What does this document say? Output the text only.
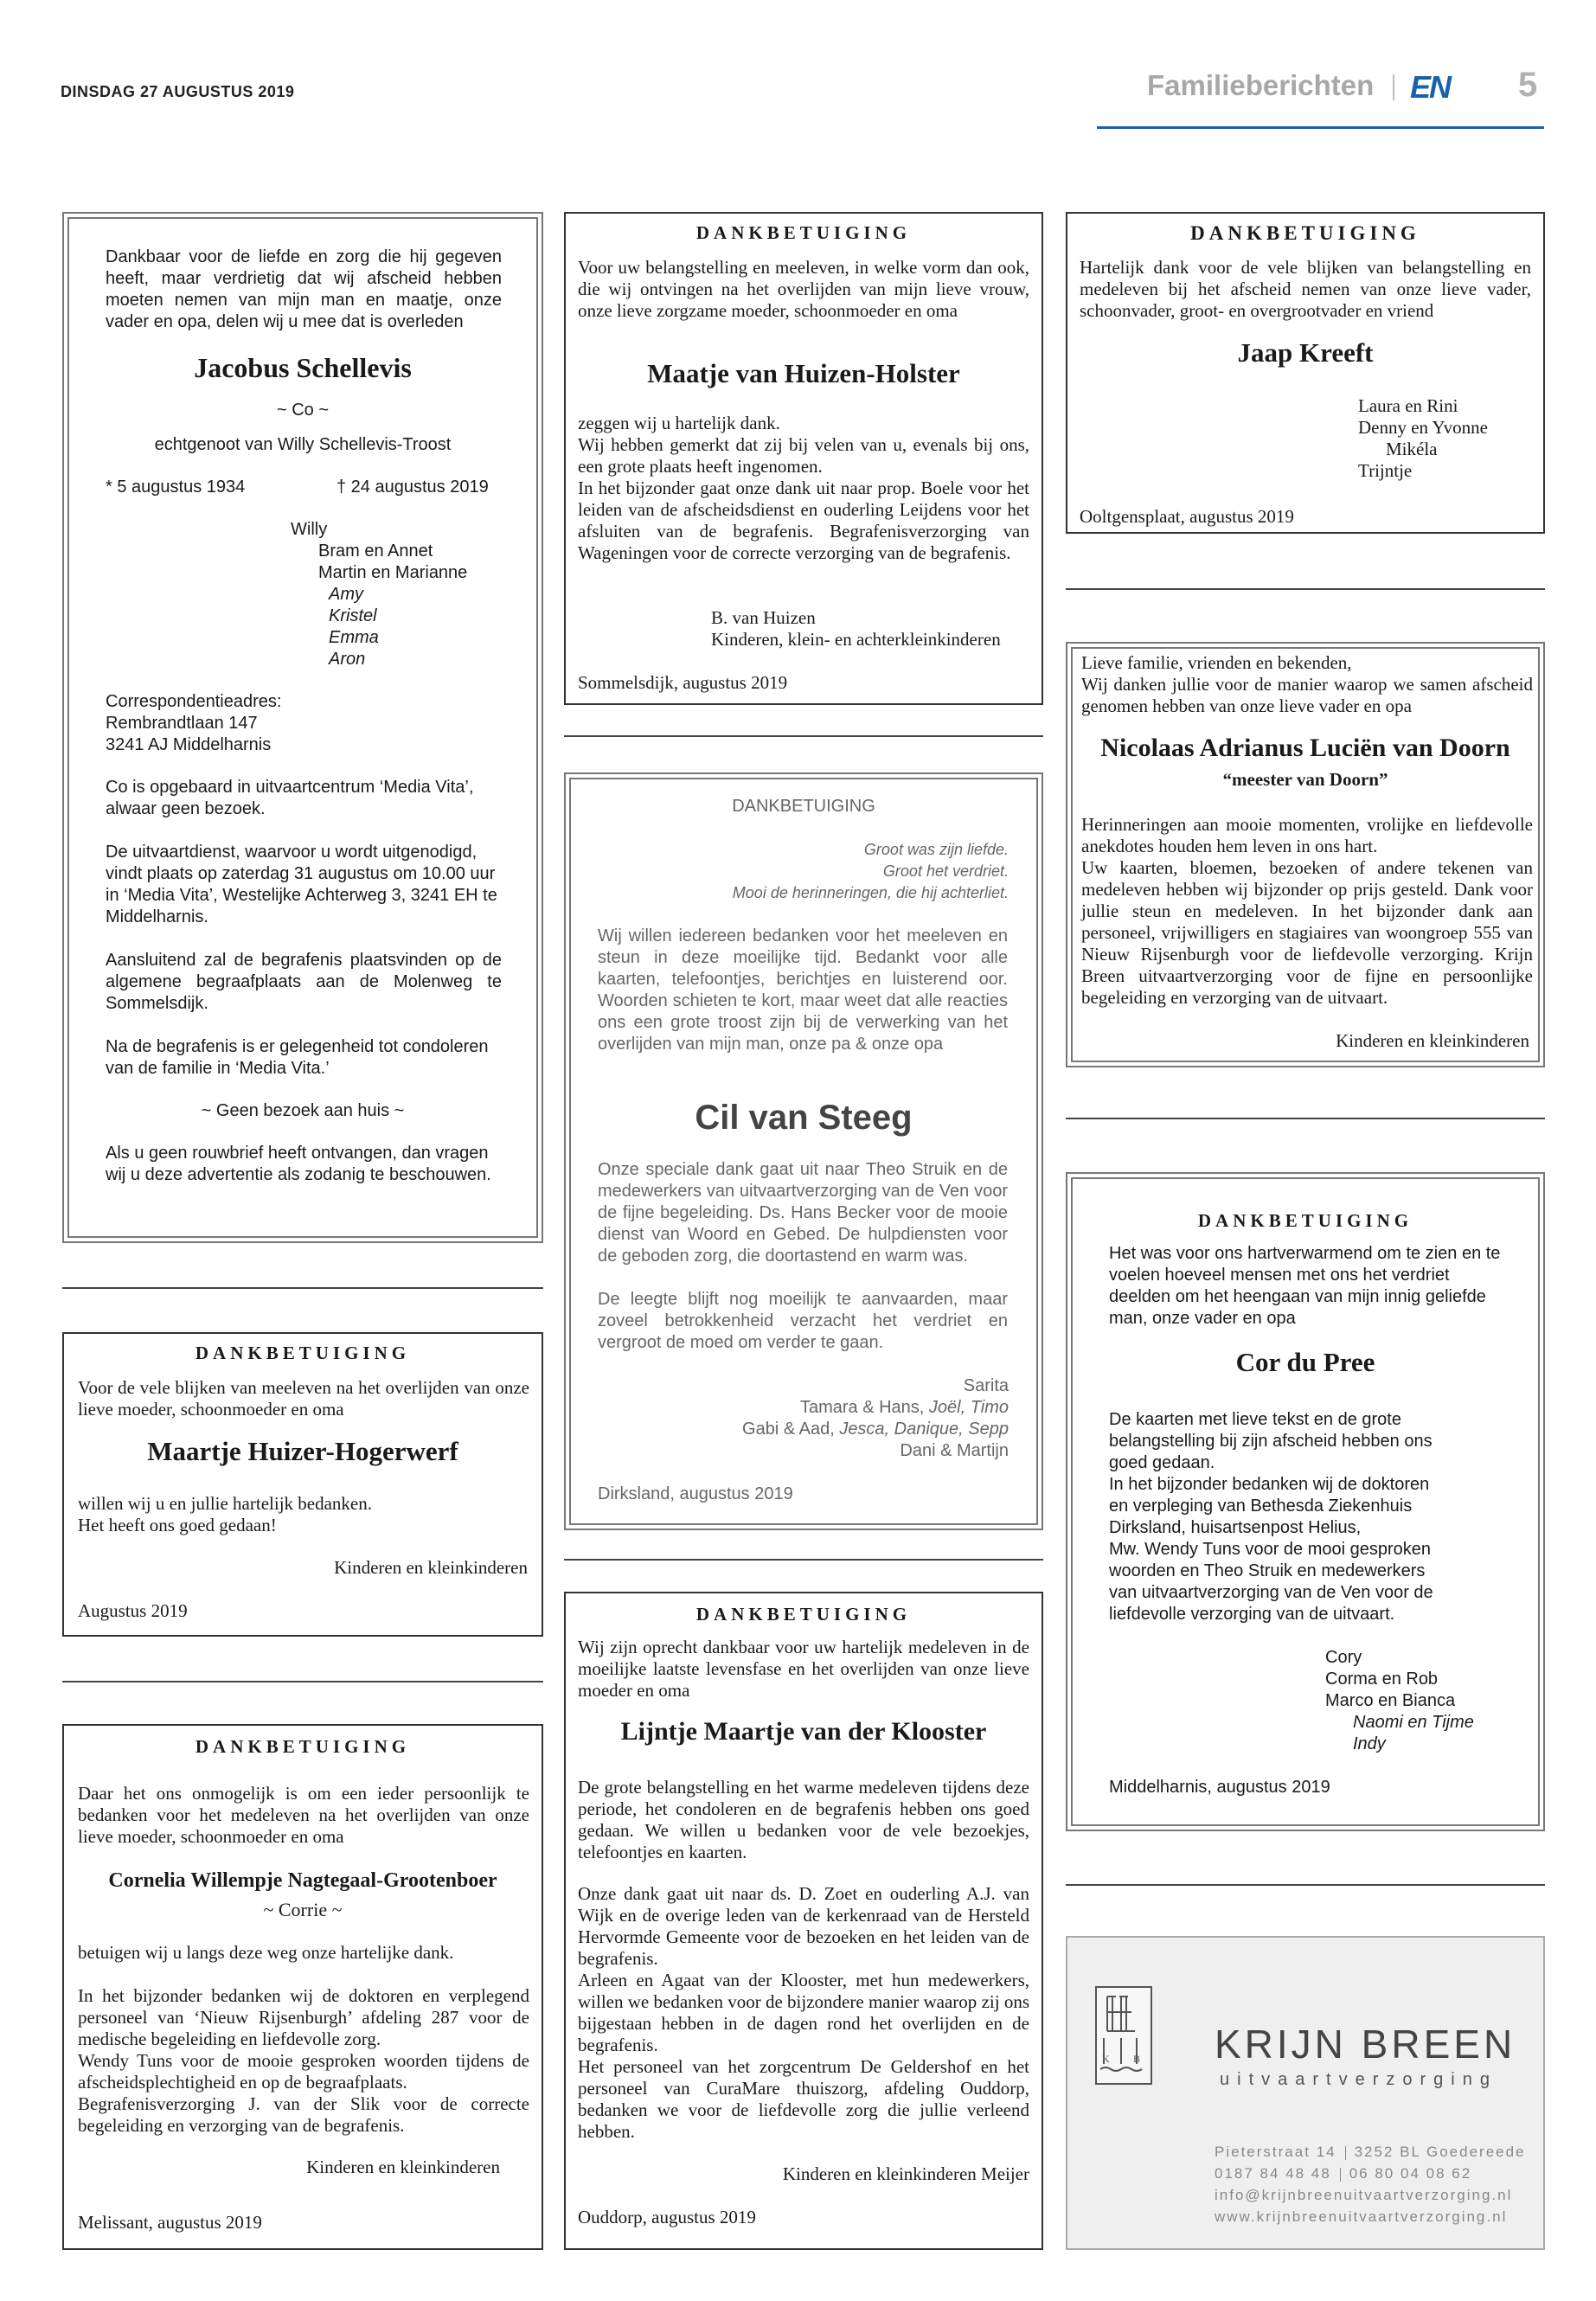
DINSDAG 27 AUGUSTUS 2019	Familieberichten EN 5
Dankbaar voor de liefde en zorg die hij gegeven heeft, maar verdrietig dat wij afscheid hebben moeten nemen van mijn man en maatje, onze vader en opa, delen wij u mee dat is overleden
Jacobus Schellevis
~ Co ~
echtgenoot van Willy Schellevis-Troost
* 5 augustus 1934	† 24 augustus 2019
Willy
Bram en Annet
Martin en Marianne
Amy
Kristel
Emma
Aron
Correspondentieadres:
Rembrandtlaan 147
3241 AJ Middelharnis
Co is opgebaard in uitvaartcentrum ‘Media Vita’, alwaar geen bezoek.
De uitvaartdienst, waarvoor u wordt uitgenodigd, vindt plaats op zaterdag 31 augustus om 10.00 uur in ‘Media Vita’, Westelijke Achterweg 3, 3241 EH te Middelharnis.
Aansluitend zal de begrafenis plaatsvinden op de algemene begraafplaats aan de Molenweg te Sommelsdijk.
Na de begrafenis is er gelegenheid tot condoleren van de familie in ‘Media Vita.’
~ Geen bezoek aan huis ~
Als u geen rouwbrief heeft ontvangen, dan vragen wij u deze advertentie als zodanig te beschouwen.
DANKBETUIGING
Voor de vele blijken van meeleven na het overlijden van onze lieve moeder, schoonmoeder en oma
Maartje Huizer-Hogerwerf
willen wij u en jullie hartelijk bedanken.
Het heeft ons goed gedaan!
Kinderen en kleinkinderen
Augustus 2019
DANKBETUIGING
Daar het ons onmogelijk is om een ieder persoonlijk te bedanken voor het medeleven na het overlijden van onze lieve moeder, schoonmoeder en oma
Cornelia Willempje Nagtegaal-Grootenboer
~ Corrie ~
betuigen wij u langs deze weg onze hartelijke dank.
In het bijzonder bedanken wij de doktoren en verplegend personeel van ‘Nieuw Rijsenburgh’ afdeling 287 voor de medische begeleiding en liefdevolle zorg.
Wendy Tuns voor de mooie gesproken woorden tijdens de afscheidsplechtigheid en op de begraafplaats.
Begrafenisverzorging J. van der Slik voor de correcte begeleiding en verzorging van de begrafenis.
Kinderen en kleinkinderen
Melissant, augustus 2019
DANKBETUIGING
Voor uw belangstelling en meeleven, in welke vorm dan ook, die wij ontvingen na het overlijden van mijn lieve vrouw, onze lieve zorgzame moeder, schoonmoeder en oma
Maatje van Huizen-Holster
zeggen wij u hartelijk dank.
Wij hebben gemerkt dat zij bij velen van u, evenals bij ons, een grote plaats heeft ingenomen.
In het bijzonder gaat onze dank uit naar prop. Boele voor het leiden van de afscheidsdienst en ouderling Leijdens voor het afsluiten van de begrafenis. Begrafenisverzorging van Wageningen voor de correcte verzorging van de begrafenis.
B. van Huizen
Kinderen, klein- en achterkleinkinderen
Sommelsdijk, augustus 2019
DANKBETUIGING
Groot was zijn liefde.
Groot het verdriet.
Mooi de herinneringen, die hij achterliet.
Wij willen iedereen bedanken voor het meeleven en steun in deze moeilijke tijd. Bedankt voor alle kaarten, telefoontjes, berichtjes en luisterend oor. Woorden schieten te kort, maar weet dat alle reacties ons een grote troost zijn bij de verwerking van het overlijden van mijn man, onze pa & onze opa
Cil van Steeg
Onze speciale dank gaat uit naar Theo Struik en de medewerkers van uitvaartverzorging van de Ven voor de fijne begeleiding. Ds. Hans Becker voor de mooie dienst van Woord en Gebed. De hulpdiensten voor de geboden zorg, die doortastend en warm was.
De leegte blijft nog moeilijk te aanvaarden, maar zoveel betrokkenheid verzacht het verdriet en vergroot de moed om verder te gaan.
Sarita
Tamara & Hans, Joël, Timo
Gabi & Aad, Jesca, Danique, Sepp
Dani & Martijn
Dirksland, augustus 2019
DANKBETUIGING
Wij zijn oprecht dankbaar voor uw hartelijk medeleven in de moeilijke laatste levensfase en het overlijden van onze lieve moeder en oma
Lijntje Maartje van der Klooster
De grote belangstelling en het warme medeleven tijdens deze periode, het condoleren en de begrafenis hebben ons goed gedaan. We willen u bedanken voor de vele bezoekjes, telefoontjes en kaarten.
Onze dank gaat uit naar ds. D. Zoet en ouderling A.J. van Wijk en de overige leden van de kerkenraad van de Hersteld Hervormde Gemeente voor de bezoeken en het leiden van de begrafenis.
Arleen en Agaat van der Klooster, met hun medewerkers, willen we bedanken voor de bijzondere manier waarop zij ons bijgestaan hebben in de dagen rond het overlijden en de begrafenis.
Het personeel van het zorgcentrum De Geldershof en het personeel van CuraMare thuiszorg, afdeling Ouddorp, bedanken we voor de liefdevolle zorg die jullie verleend hebben.
Kinderen en kleinkinderen Meijer
Ouddorp, augustus 2019
DANKBETUIGING
Hartelijk dank voor de vele blijken van belangstelling en medeleven bij het afscheid nemen van onze lieve vader, schoonvader, groot- en overgrootvader en vriend
Jaap Kreeft
Laura en Rini
Denny en Yvonne
Mikéla
Trijntje
Ooltgensplaat, augustus 2019
Lieve familie, vrienden en bekenden,
Wij danken jullie voor de manier waarop we samen afscheid genomen hebben van onze lieve vader en opa
Nicolaas Adrianus Luciën van Doorn
“meester van Doorn”
Herinneringen aan mooie momenten, vrolijke en liefdevolle anekdotes houden hem leven in ons hart.
Uw kaarten, bloemen, bezoeken of andere tekenen van medeleven hebben wij bijzonder op prijs gesteld. Dank voor jullie steun en medeleven. In het bijzonder dank aan personeel, vrijwilligers en stagiaires van woongroep 555 van Nieuw Rijsenburgh voor de liefdevolle verzorging. Krijn Breen uitvaartverzorging voor de fijne en persoonlijke begeleiding en verzorging van de uitvaart.
Kinderen en kleinkinderen
DANKBETUIGING
Het was voor ons hartverwarmend om te zien en te voelen hoeveel mensen met ons het verdriet deelden om het heengaan van mijn innig geliefde man, onze vader en opa
Cor du Pree
De kaarten met lieve tekst en de grote
belangstelling bij zijn afscheid hebben ons
goed gedaan.
In het bijzonder bedanken wij de doktoren
en verpleging van Bethesda Ziekenhuis
Dirksland, huisartsenpost Helius,
Mw. Wendy Tuns voor de mooi gesproken
woorden en Theo Struik en medewerkers
van uitvaartverzorging van de Ven voor de
liefdevolle verzorging van de uitvaart.
Cory
Corma en Rob
Marco en Bianca
Naomi en Tijme
Indy
Middelharnis, augustus 2019
K B KRIJN BREEN
uitvaartverzorging
Pieterstraat 14 3252 BL Goedereede
0187 84 48 48 06 80 04 08 62
info@krijnbreenuitvaartverzorging.nl
www.krijnbreenuitvaartverzorging.nl
